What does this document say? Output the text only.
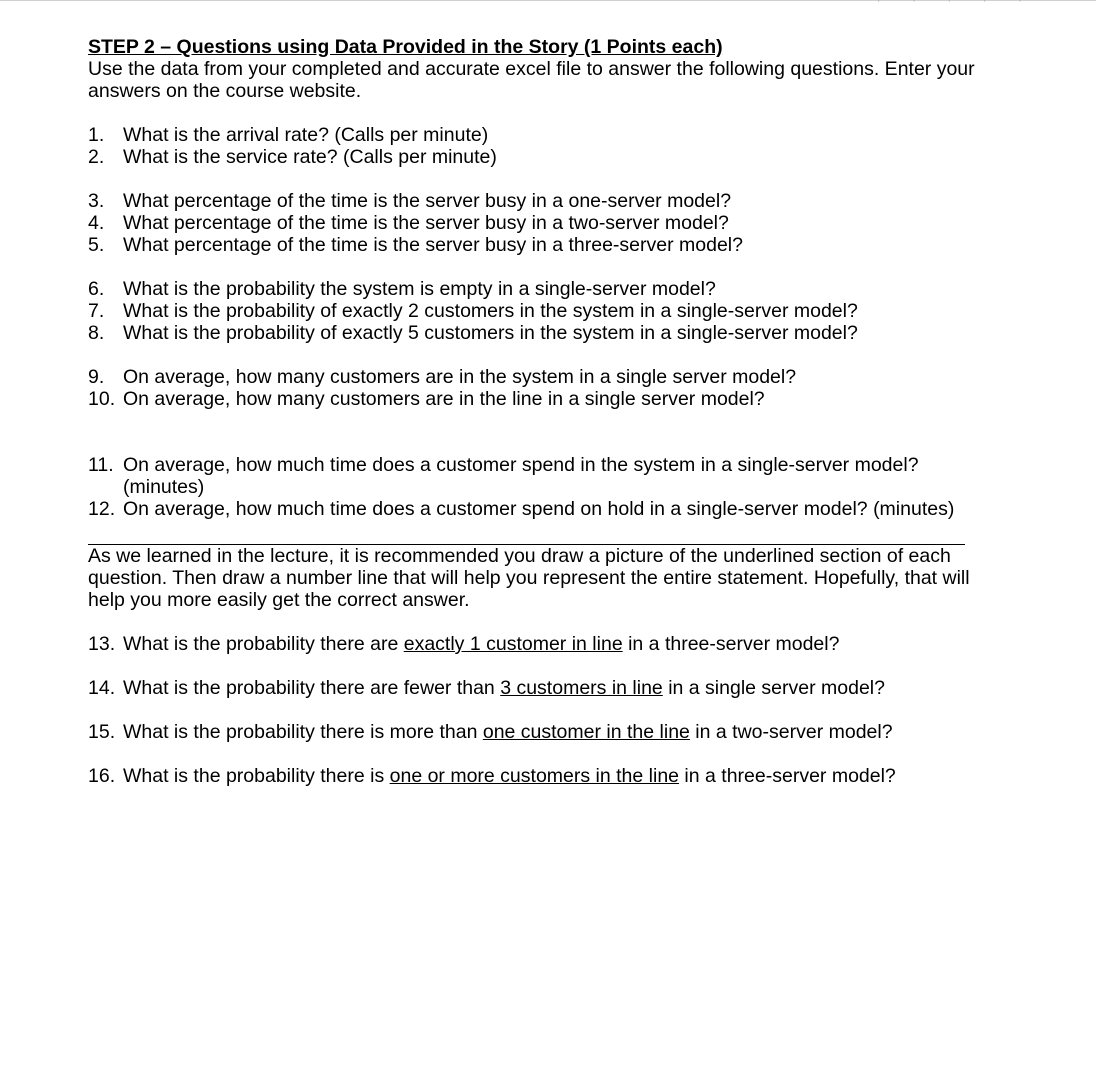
· · · · ·

STEP 2 – Questions using Data Provided in the Story (1 Points each)

Use the data from your completed and accurate excel file to answer the following questions. Enter your answers on the course website.

1. What is the arrival rate? (Calls per minute)

2. What is the service rate? (Calls per minute)

3. What percentage of the time is the server busy in a one-server model?

4. What percentage of the time is the server busy in a two-server model?

5. What percentage of the time is the server busy in a three-server model?

6. What is the probability the system is empty in a single-server model?

7. What is the probability of exactly 2 customers in the system in a single-server model?

8. What is the probability of exactly 5 customers in the system in a single-server model?

9. On average, how many customers are in the system in a single server model?

10. On average, how many customers are in the line in a single server model?

11. On average, how much time does a customer spend in the system in a single-server model? (minutes)

12. On average, how much time does a customer spend on hold in a single-server model? (minutes)

As we learned in the lecture, it is recommended you draw a picture of the underlined section of each question. Then draw a number line that will help you represent the entire statement. Hopefully, that will help you more easily get the correct answer.

13. What is the probability there are exactly 1 customer in line in a three-server model?

14. What is the probability there are fewer than 3 customers in line in a single server model?

15. What is the probability there is more than one customer in the line in a two-server model?

16. What is the probability there is one or more customers in the line in a three-server model?
